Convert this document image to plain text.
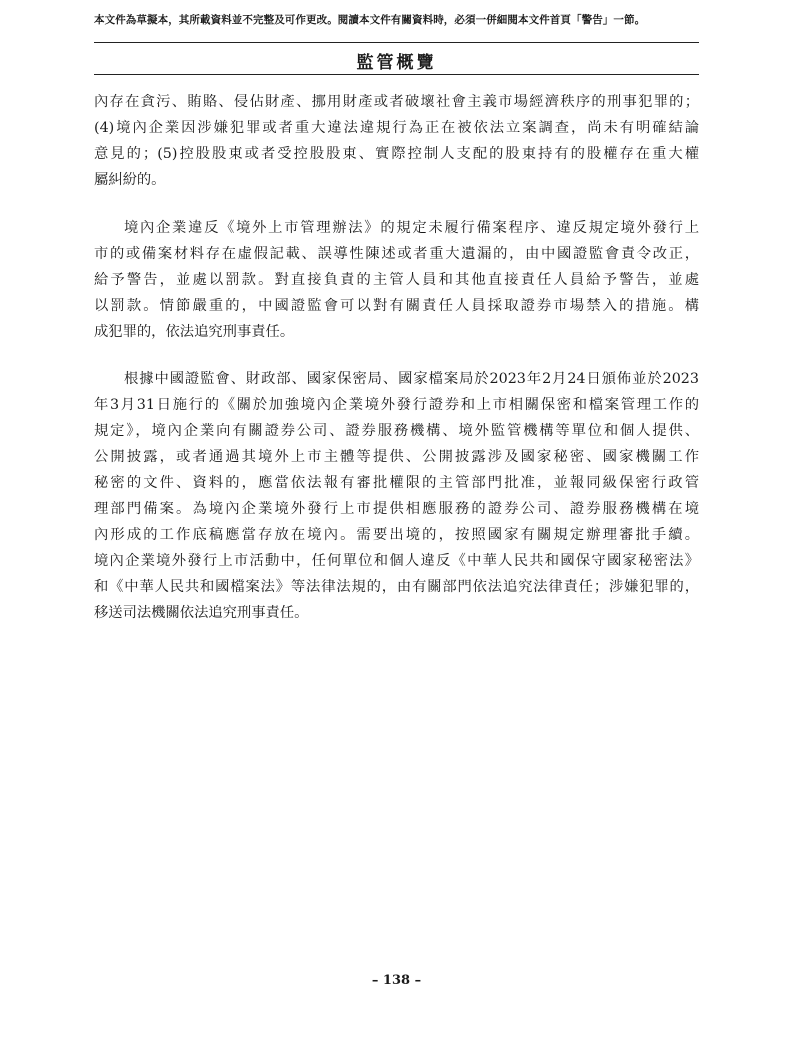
本文件為草擬本，其所載資料並不完整及可作更改。閱讀本文件有關資料時，必須一併細閱本文件首頁「警告」一節。
監管概覽
內存在貪污、賄賂、侵佔財產、挪用財產或者破壞社會主義市場經濟秩序的刑事犯罪的；
(4)境內企業因涉嫌犯罪或者重大違法違規行為正在被依法立案調查，尚未有明確結論
意見的；(5)控股股東或者受控股股東、實際控制人支配的股東持有的股權存在重大權
屬糾紛的。
境內企業違反《境外上市管理辦法》的規定未履行備案程序、違反規定境外發行上
市的或備案材料存在虛假記載、誤導性陳述或者重大遺漏的，由中國證監會責令改正，
給予警告，並處以罰款。對直接負責的主管人員和其他直接責任人員給予警告，並處
以罰款。情節嚴重的，中國證監會可以對有關責任人員採取證券市場禁入的措施。構
成犯罪的，依法追究刑事責任。
根據中國證監會、財政部、國家保密局、國家檔案局於2023年2月24日頒佈並於2023
年3月31日施行的《關於加強境內企業境外發行證券和上市相關保密和檔案管理工作的
規定》，境內企業向有關證券公司、證券服務機構、境外監管機構等單位和個人提供、
公開披露，或者通過其境外上市主體等提供、公開披露涉及國家秘密、國家機關工作
秘密的文件、資料的，應當依法報有審批權限的主管部門批准，並報同級保密行政管
理部門備案。為境內企業境外發行上市提供相應服務的證券公司、證券服務機構在境
內形成的工作底稿應當存放在境內。需要出境的，按照國家有關規定辦理審批手續。
境內企業境外發行上市活動中，任何單位和個人違反《中華人民共和國保守國家秘密法》
和《中華人民共和國檔案法》等法律法規的，由有關部門依法追究法律責任；涉嫌犯罪的，
移送司法機關依法追究刑事責任。
– 138 –
